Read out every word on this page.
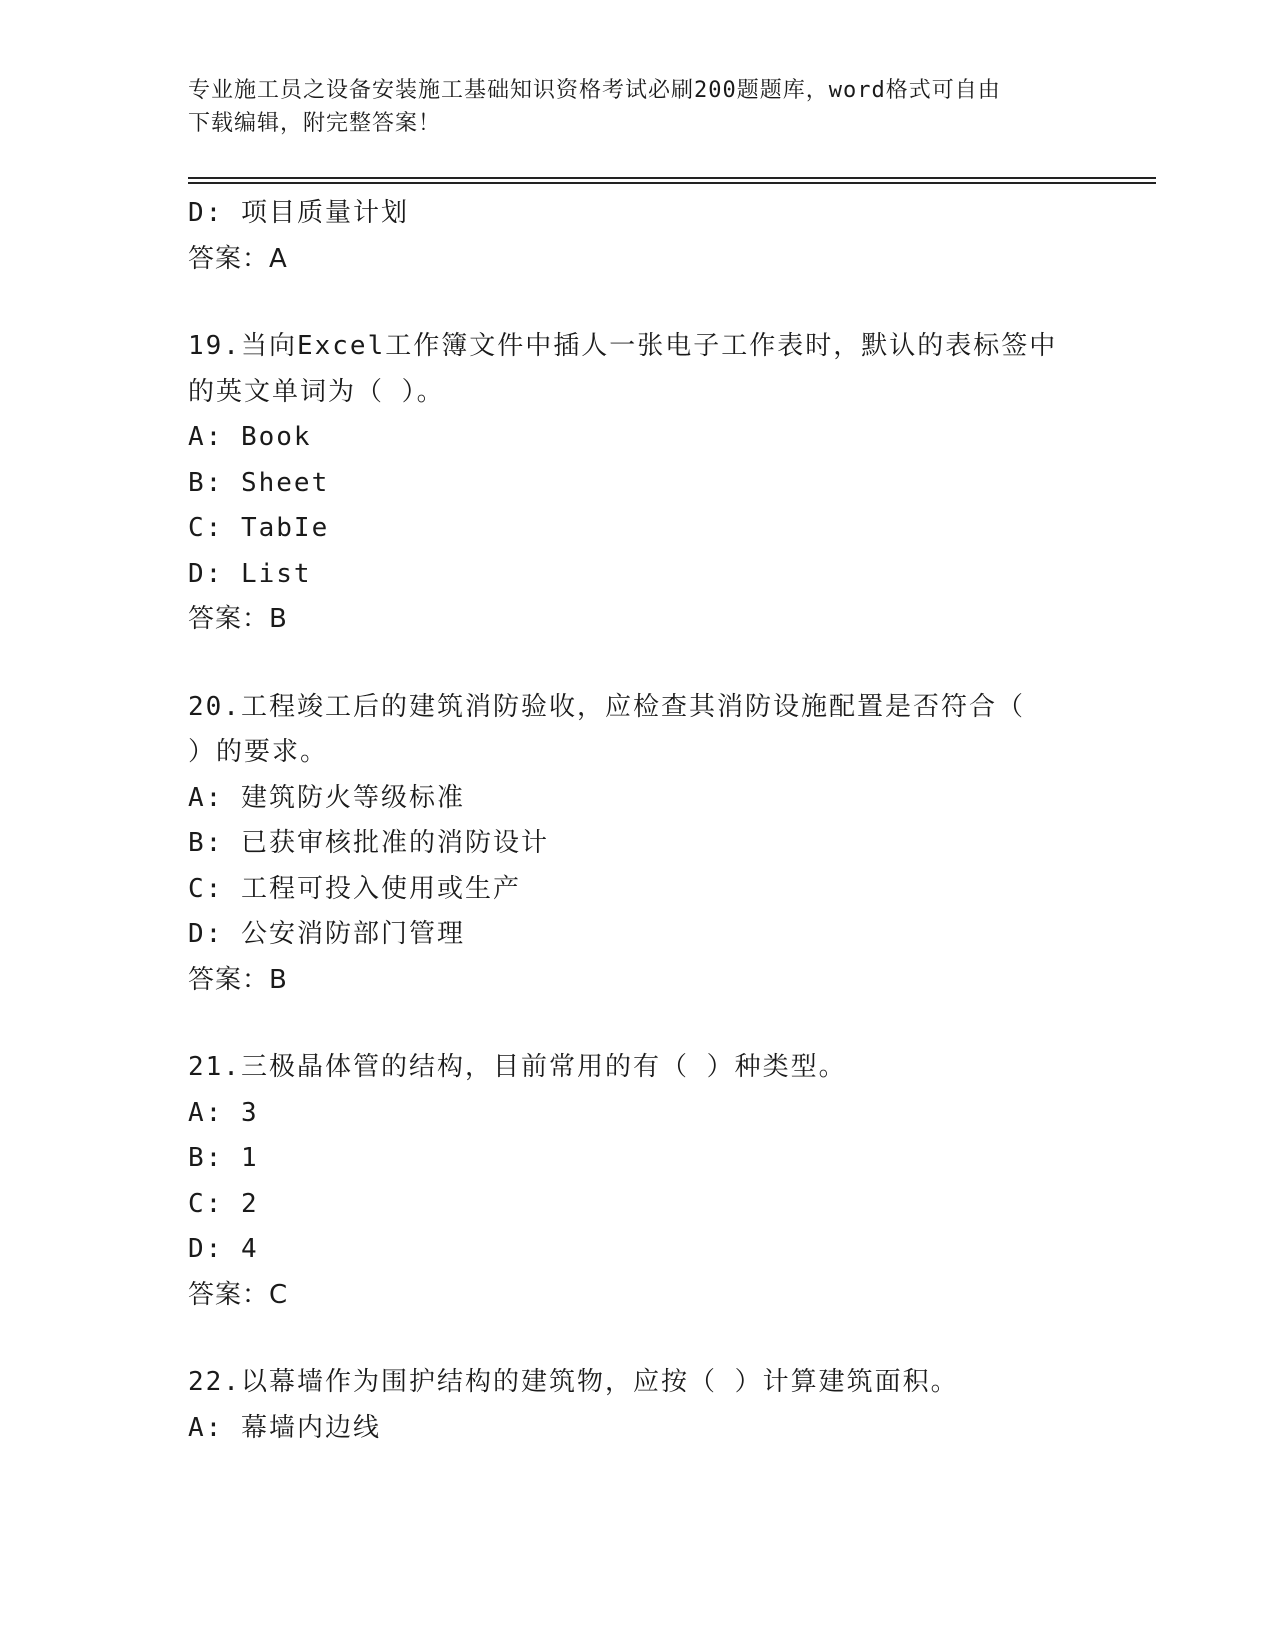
专业施工员之设备安装施工基础知识资格考试必刷200题题库，word格式可自由
下载编辑，附完整答案！
D: 项目质量计划
答案：A
19.当向Excel工作簿文件中插人一张电子工作表时，默认的表标签中
的英文单词为（ ）。
A: Book
B: Sheet
C: TabIe
D: List
答案：B
20.工程竣工后的建筑消防验收，应检查其消防设施配置是否符合（
）的要求。
A: 建筑防火等级标准
B: 已获审核批准的消防设计
C: 工程可投入使用或生产
D: 公安消防部门管理
答案：B
21.三极晶体管的结构，目前常用的有（ ）种类型。
A: 3
B: 1
C: 2
D: 4
答案：C
22.以幕墙作为围护结构的建筑物，应按（ ）计算建筑面积。
A: 幕墙内边线
